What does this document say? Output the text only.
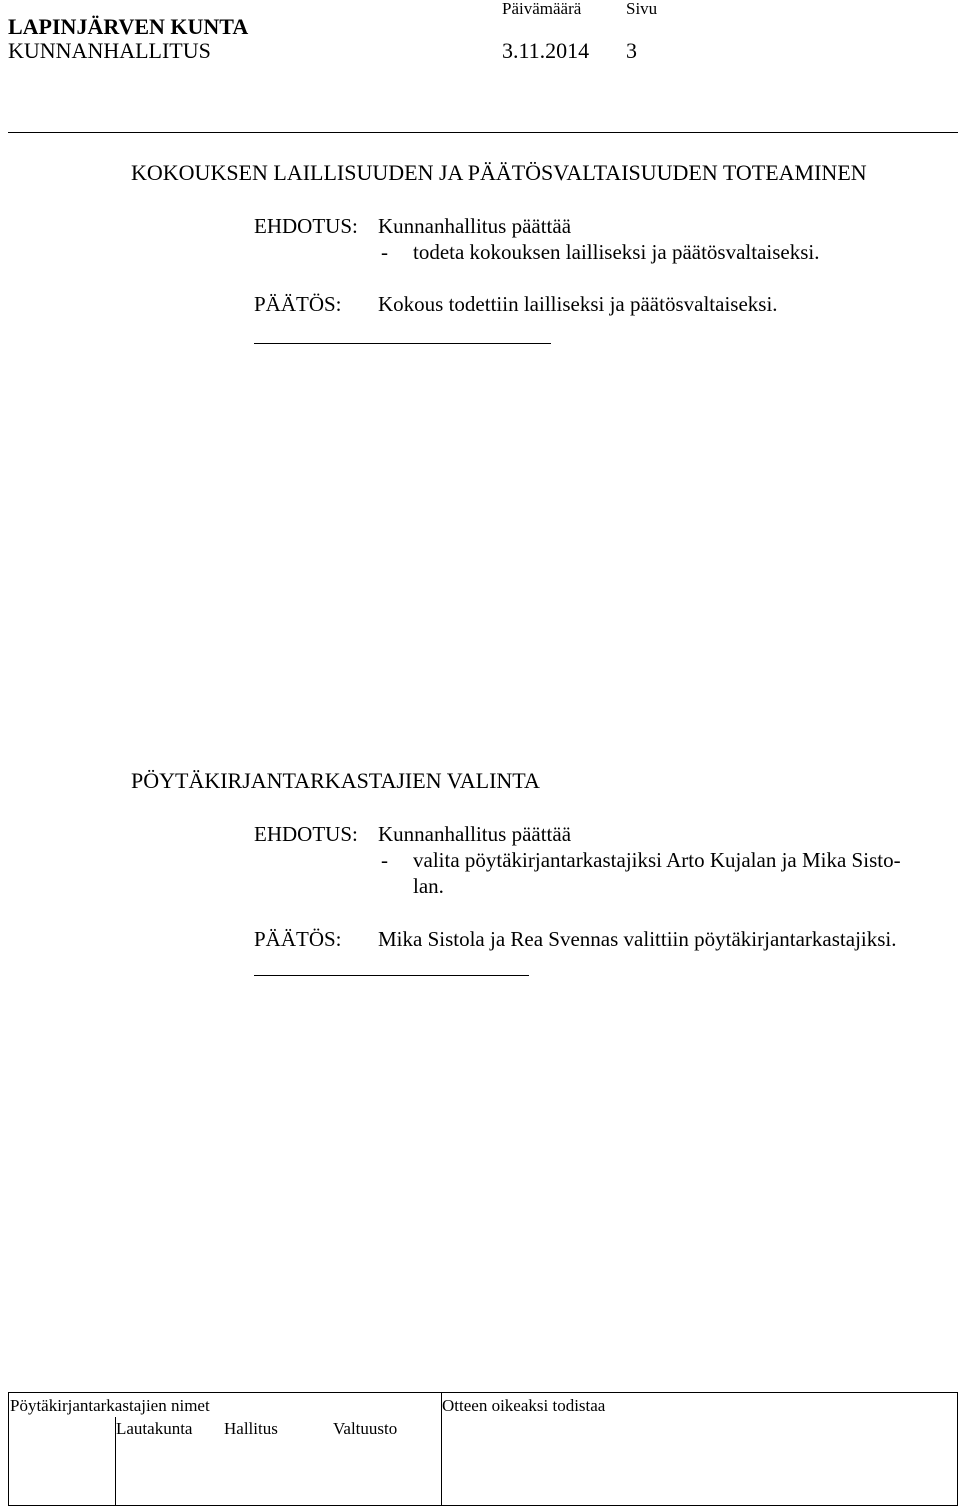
LAPINJÄRVEN KUNTA
KUNNANHALLITUS
Päivämäärä
3.11.2014
Sivu
3
KOKOUKSEN LAILLISUUDEN JA PÄÄTÖSVALTAISUUDEN TOTEAMINEN
EHDOTUS: Kunnanhallitus päättää
- todeta kokouksen lailliseksi ja päätösvaltaiseksi.
PÄÄTÖS: Kokous todettiin lailliseksi ja päätösvaltaiseksi.
PÖYTÄKIRJANTARKASTAJIEN VALINTA
EHDOTUS: Kunnanhallitus päättää
- valita pöytäkirjantarkastajiksi Arto Kujalan ja Mika Sisto-
lan.
PÄÄTÖS: Mika Sistola ja Rea Svennas valittiin pöytäkirjantarkastajiksi.
Pöytäkirjantarkastajien nimet	Otteen oikeaksi todistaa
Lautakunta Hallitus	Valtuusto
